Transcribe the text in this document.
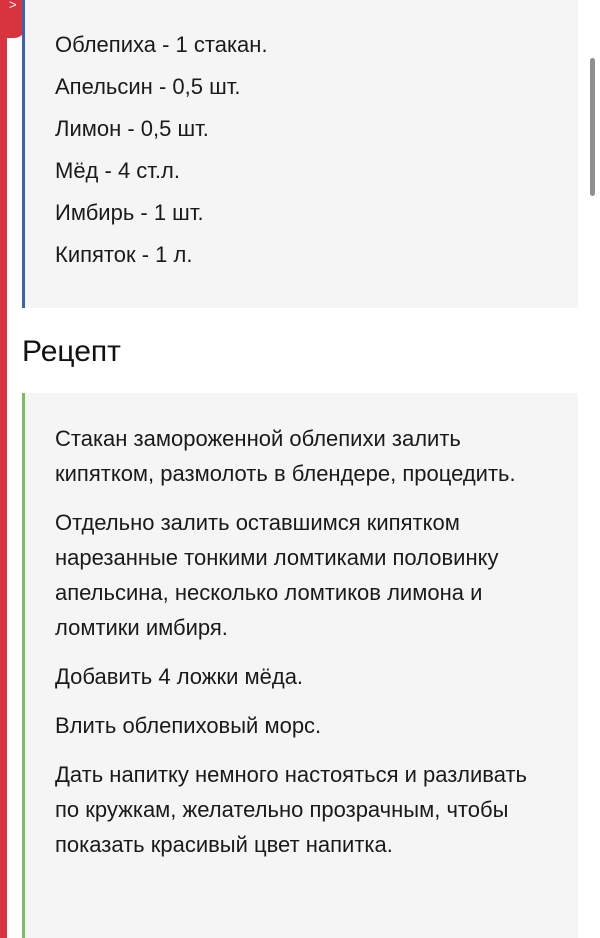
>
Облепиха - 1 стакан.
Апельсин - 0,5 шт.
Лимон - 0,5 шт.
Мёд - 4 ст.л.
Имбирь - 1 шт.
Кипяток - 1 л.
Рецепт

Стакан замороженной облепихи залить кипятком, размолоть в блендере, процедить.

Отдельно залить оставшимся кипятком нарезанные тонкими ломтиками половинку апельсина, несколько ломтиков лимона и ломтики имбиря.

Добавить 4 ложки мёда.

Влить облепиховый морс.

Дать напитку немного настояться и разливать по кружкам, желательно прозрачным, чтобы показать красивый цвет напитка.
